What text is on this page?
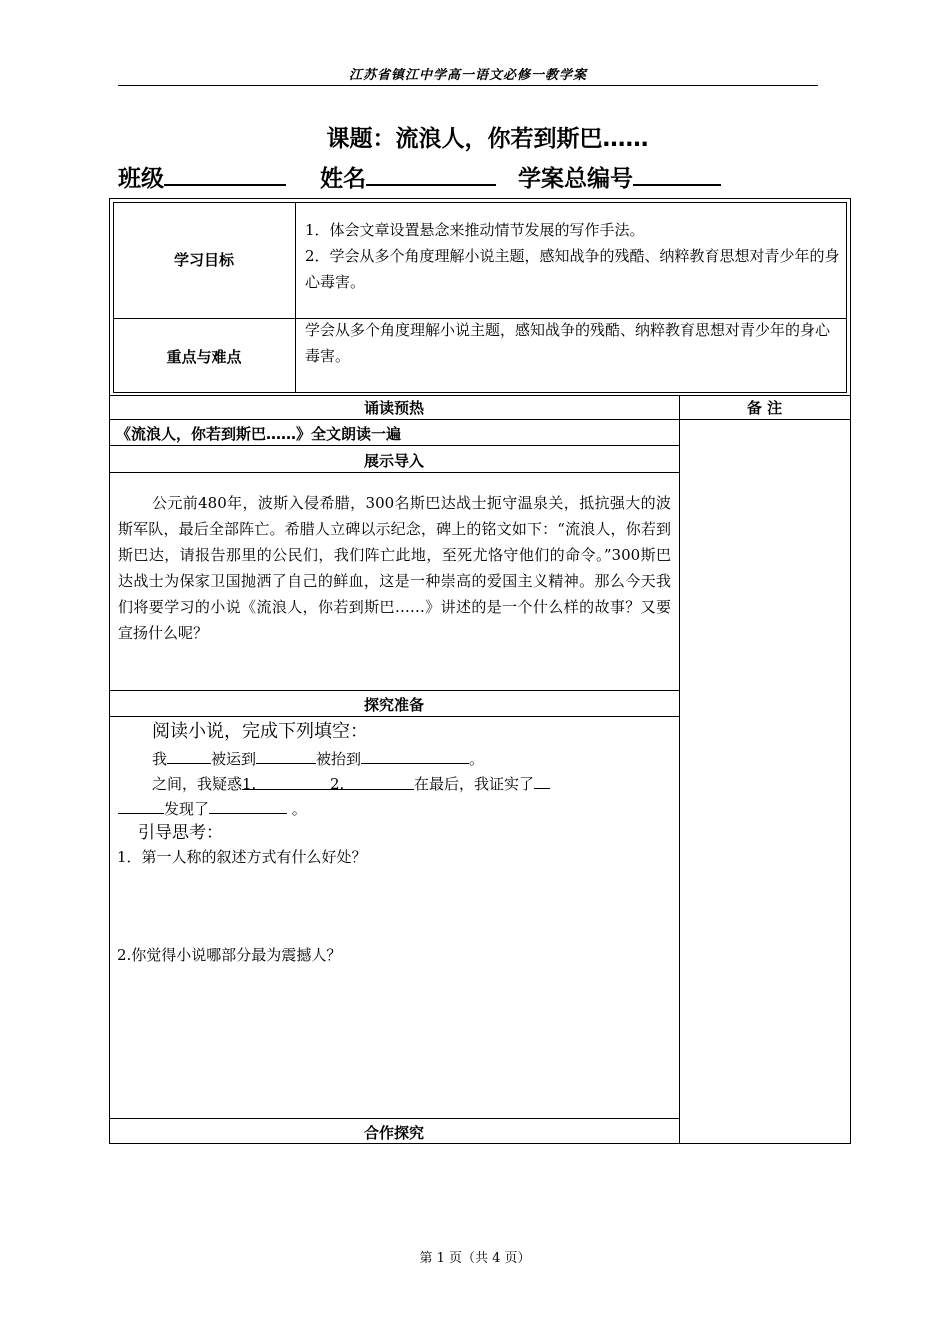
江苏省镇江中学高一语文必修一教学案
课题：流浪人，你若到斯巴……
班级	姓名	学案总编号
学习目标
1．体会文章设置悬念来推动情节发展的写作手法。
2．学会从多个角度理解小说主题，感知战争的残酷、纳粹教育思想对青少年的身心毒害。
重点与难点
学会从多个角度理解小说主题，感知战争的残酷、纳粹教育思想对青少年的身心毒害。
诵读预热	备 注
《流浪人，你若到斯巴……》全文朗读一遍
展示导入
公元前480年，波斯入侵希腊，300名斯巴达战士扼守温泉关，抵抗强大的波斯军队，最后全部阵亡。希腊人立碑以示纪念，碑上的铭文如下：“流浪人，你若到斯巴达，请报告那里的公民们，我们阵亡此地，至死尤恪守他们的命令。”300斯巴达战士为保家卫国抛洒了自己的鲜血，这是一种崇高的爱国主义精神。那么今天我们将要学习的小说《流浪人，你若到斯巴……》讲述的是一个什么样的故事？又要宣扬什么呢？
探究准备
阅读小说，完成下列填空：
我	被运到	被抬到	。
之间，我疑惑1.	2.	在最后，我证实了
发现了	。
引导思考：
1．第一人称的叙述方式有什么好处？
2.你觉得小说哪部分最为震撼人？
合作探究
第 1 页（共 4 页）
